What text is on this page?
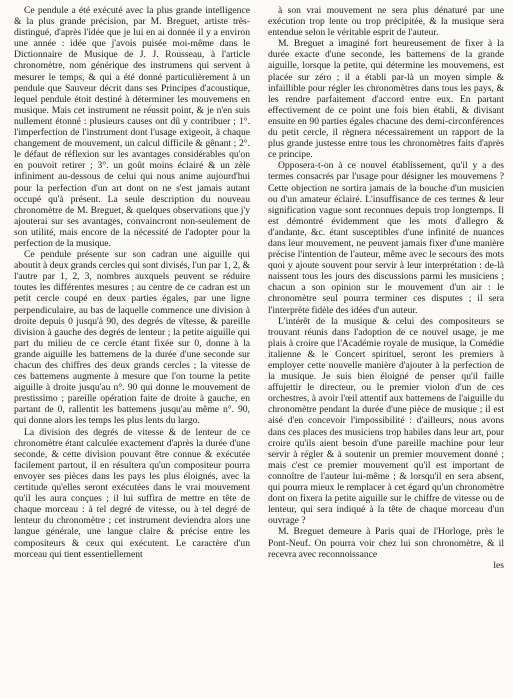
Ce pendule a été exécuté avec la plus grande intelligence & la plus grande précision, par M. Breguet, artiste très-distingué, d'après l'idée que je lui en ai donnée il y a environ une année : idée que j'avois puisée moi-même dans le Dictionnaire de Musique de J. J. Rousseau, à l'article chronomètre, nom générique des instrumens qui servent à mesurer le temps, & qui a été donné particulièrement à un pendule que Sauveur décrit dans ses Principes d'acoustique, lequel pendule étoit destiné à déterminer les mouvemens en musique. Mais cet instrument ne réussit point, & je n'en suis nullement étonné : plusieurs causes ont dû y contribuer ; 1°. l'imperfection de l'instrument dont l'usage exigeoit, à chaque changement de mouvement, un calcul difficile & gênant ; 2°. le défaut de réflexion sur les avantages considérables qu'on en pouvoit retirer ; 3°. un goût moins éclairé & un zèle infiniment au-dessous de celui qui nous anime aujourd'hui pour la perfection d'un art dont on ne s'est jamais autant occupé qu'à présent. La seule description du nouveau chronomètre de M. Breguet, & quelques observations que j'y ajouterai sur ses avantages, convaincront non-seulement de son utilité, mais encore de la nécessité de l'adopter pour la perfection de la musique.

Ce pendule présente sur son cadran une aiguille qui aboutit à deux grands cercles qui sont divisés, l'un par 1, 2, & l'autre par 1, 2, 3, nombres auxquels peuvent se réduire toutes les différentes mesures ; au centre de ce cadran est un petit cercle coupé en deux parties égales, par une ligne perpendiculaire, au bas de laquelle commence une division à droite depuis 0 jusqu'à 90, des degrés de vîtesse, & pareille division à gauche des degrés de lenteur ; la petite aiguille qui part du milieu de ce cercle étant fixée sur 0, donne à la grande aiguille les battemens de la durée d'une seconde sur chacun des chiffres des deux grands cercles ; la vitesse de ces battemens augmente à mesure que l'on tourne la petite aiguille à droite jusqu'au n°. 90 qui donne le mouvement de prestissimo ; pareille opération faite de droite à gauche, en partant de 0, rallentit les battemens jusqu'au même n°. 90, qui donne alors les temps les plus lents du largo.

La division des degrés de vitesse & de lenteur de ce chronomètre étant calculée exactement d'après la durée d'une seconde, & cette division pouvant être connue & exécutée facilement partout, il en résultera qu'un compositeur pourra envoyer ses pièces dans les pays les plus éloignés, avec la certitude qu'elles seront exécutées dans le vrai mouvement qu'il les aura conçues ; il lui suffira de mettre en tête de chaque morceau : à tel degré de vitesse, ou à tel degré de lenteur du chronomètre ; cet instrument deviendra alors une langue générale, une langue claire & précise entre les compositeurs & ceux qui exécutent. Le caractère d'un morceau qui tient essentiellement

à son vrai mouvement ne sera plus dénaturé par une exécution trop lente ou trop précipitée, & la musique sera entendue selon le véritable esprit de l'auteur.

M. Breguet a imaginé fort heureusement de fixer à la durée exacte d'une seconde, les battemens de la grande aiguille, lorsque la petite, qui détermine les mouvemens, est placée sur zéro ; il a établi par-là un moyen simple & infaillible pour régler les chronomètres dans tous les pays, & les rendre parfaitement d'accord entre eux. En partant effectivement de ce point une fois bien établi, & divisant ensuite en 90 parties égales chacune des demi-circonférences du petit cercle, il règnera nécessairement un rapport de la plus grande justesse entre tous les chronomètres faits d'après ce principe.

Opposera-t-on à ce nouvel établissement, qu'il y a des termes consacrés par l'usage pour désigner les mouvemens ? Cette objection ne sortira jamais de la bouche d'un musicien ou d'un amateur éclairé. L'insuffisance de ces termes & leur signification vague sont reconnues depuis trop longtemps. Il est démontré évidemment que les mots d'allegro & d'andante, &c. étant susceptibles d'une infinité de nuances dans leur mouvement, ne peuvent jamais fixer d'une manière précise l'intention de l'auteur, même avec le secours des mots quoi y ajoute souvent pour servir à leur interprétation : de-là naissent tous les jours des discussions parmi les musiciens ; chacun a son opinion sur le mouvement d'un air : le chronomètre seul pourra terminer ces disputes ; il sera l'interprète fidèle des idées d'un auteur.

L'intérêt de la musique & celui des compositeurs se trouvant réunis dans l'adoption de ce nouvel usage, je me plais à croire que l'Académie royale de musique, la Comédie italienne & le Concert spirituel, seront les premiers à employer cette nouvelle manière d'ajouter à la perfection de la musique. Je suis bien éloigné de penser qu'il faille affujettir le directeur, ou le premier violon d'un de ces orchestres, à avoir l'œil attentif aux battemens de l'aiguille du chronomètre pendant la durée d'une pièce de musique ; il est aisé d'en concevoir l'impossibilité : d'ailleurs, nous avons dans ces places des musiciens trop habiles dans leur art, pour croire qu'ils aient besoin d'une pareille machine pour leur servir à régler & à soutenir un premier mouvement donné ; mais c'est ce premier mouvement qu'il est important de connoître de l'auteur lui-même ; & lorsqu'il en sera absent, qui pourra mieux le remplacer à cet égard qu'un chronomètre dont on fixera la petite aiguille sur le chiffre de vitesse ou de lenteur, qui sera indiqué à la tête de chaque morceau d'un ouvrage ?

M. Breguet demeure à Paris quai de l'Horloge, près le Pont-Neuf. On pourra voir chez lui son chronomètre, & il recevra avec reconnoissance

les
